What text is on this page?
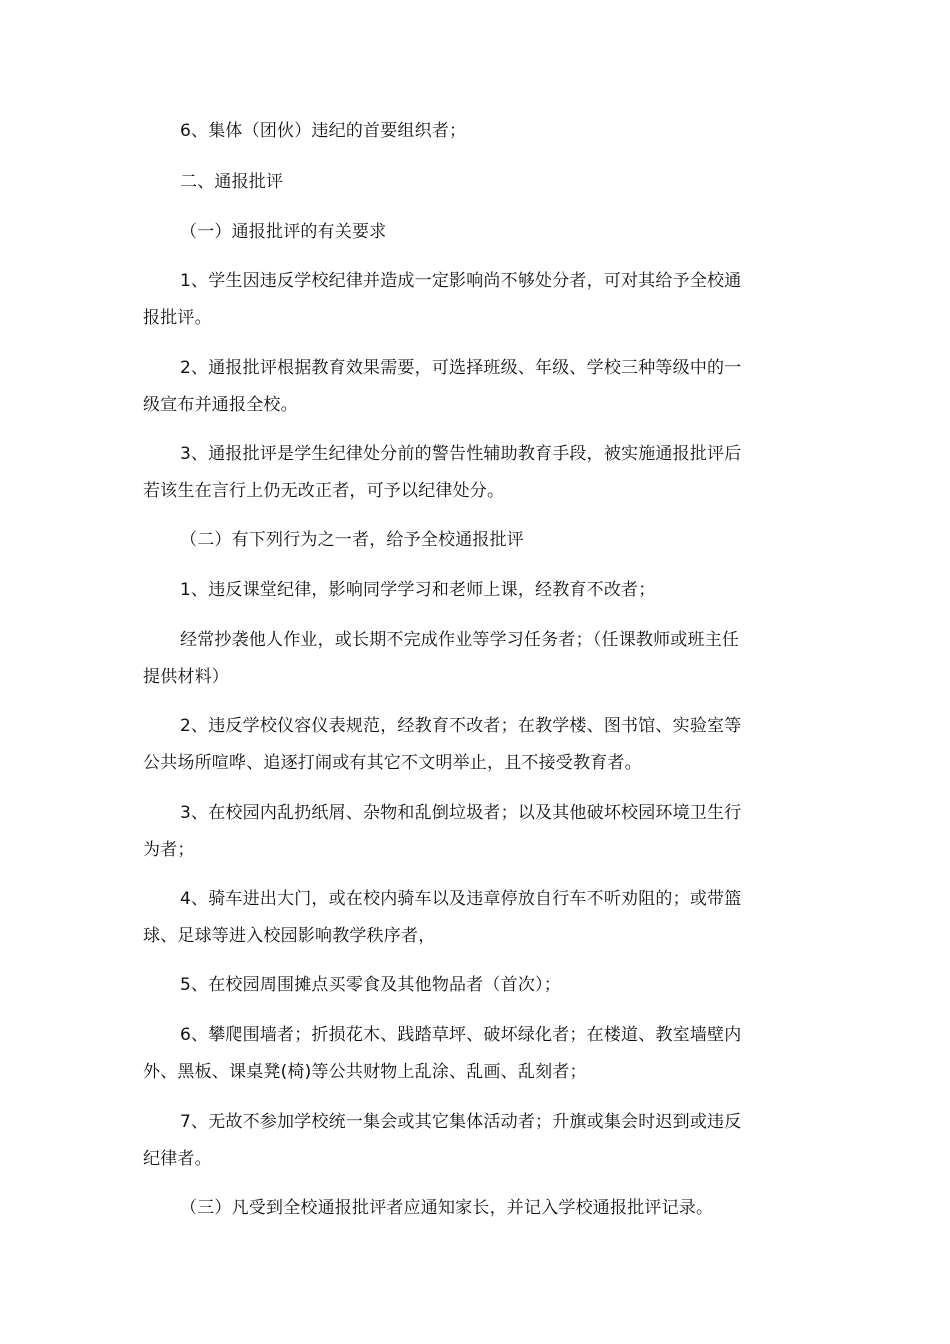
6、集体（团伙）违纪的首要组织者；
二、通报批评
（一）通报批评的有关要求
1、学生因违反学校纪律并造成一定影响尚不够处分者，可对其给予全校通
报批评。
2、通报批评根据教育效果需要，可选择班级、年级、学校三种等级中的一
级宣布并通报全校。
3、通报批评是学生纪律处分前的警告性辅助教育手段，被实施通报批评后
若该生在言行上仍无改正者，可予以纪律处分。
（二）有下列行为之一者，给予全校通报批评
1、违反课堂纪律，影响同学学习和老师上课，经教育不改者；
经常抄袭他人作业，或长期不完成作业等学习任务者；（任课教师或班主任
提供材料）
2、违反学校仪容仪表规范，经教育不改者；在教学楼、图书馆、实验室等
公共场所喧哗、追逐打闹或有其它不文明举止，且不接受教育者。
3、在校园内乱扔纸屑、杂物和乱倒垃圾者；以及其他破坏校园环境卫生行
为者；
4、骑车进出大门，或在校内骑车以及违章停放自行车不听劝阻的；或带篮
球、足球等进入校园影响教学秩序者，
5、在校园周围摊点买零食及其他物品者（首次）；
6、攀爬围墙者；折损花木、践踏草坪、破坏绿化者；在楼道、教室墙壁内
外、黑板、课桌凳(椅)等公共财物上乱涂、乱画、乱刻者；
7、无故不参加学校统一集会或其它集体活动者；升旗或集会时迟到或违反
纪律者。
（三）凡受到全校通报批评者应通知家长，并记入学校通报批评记录。
